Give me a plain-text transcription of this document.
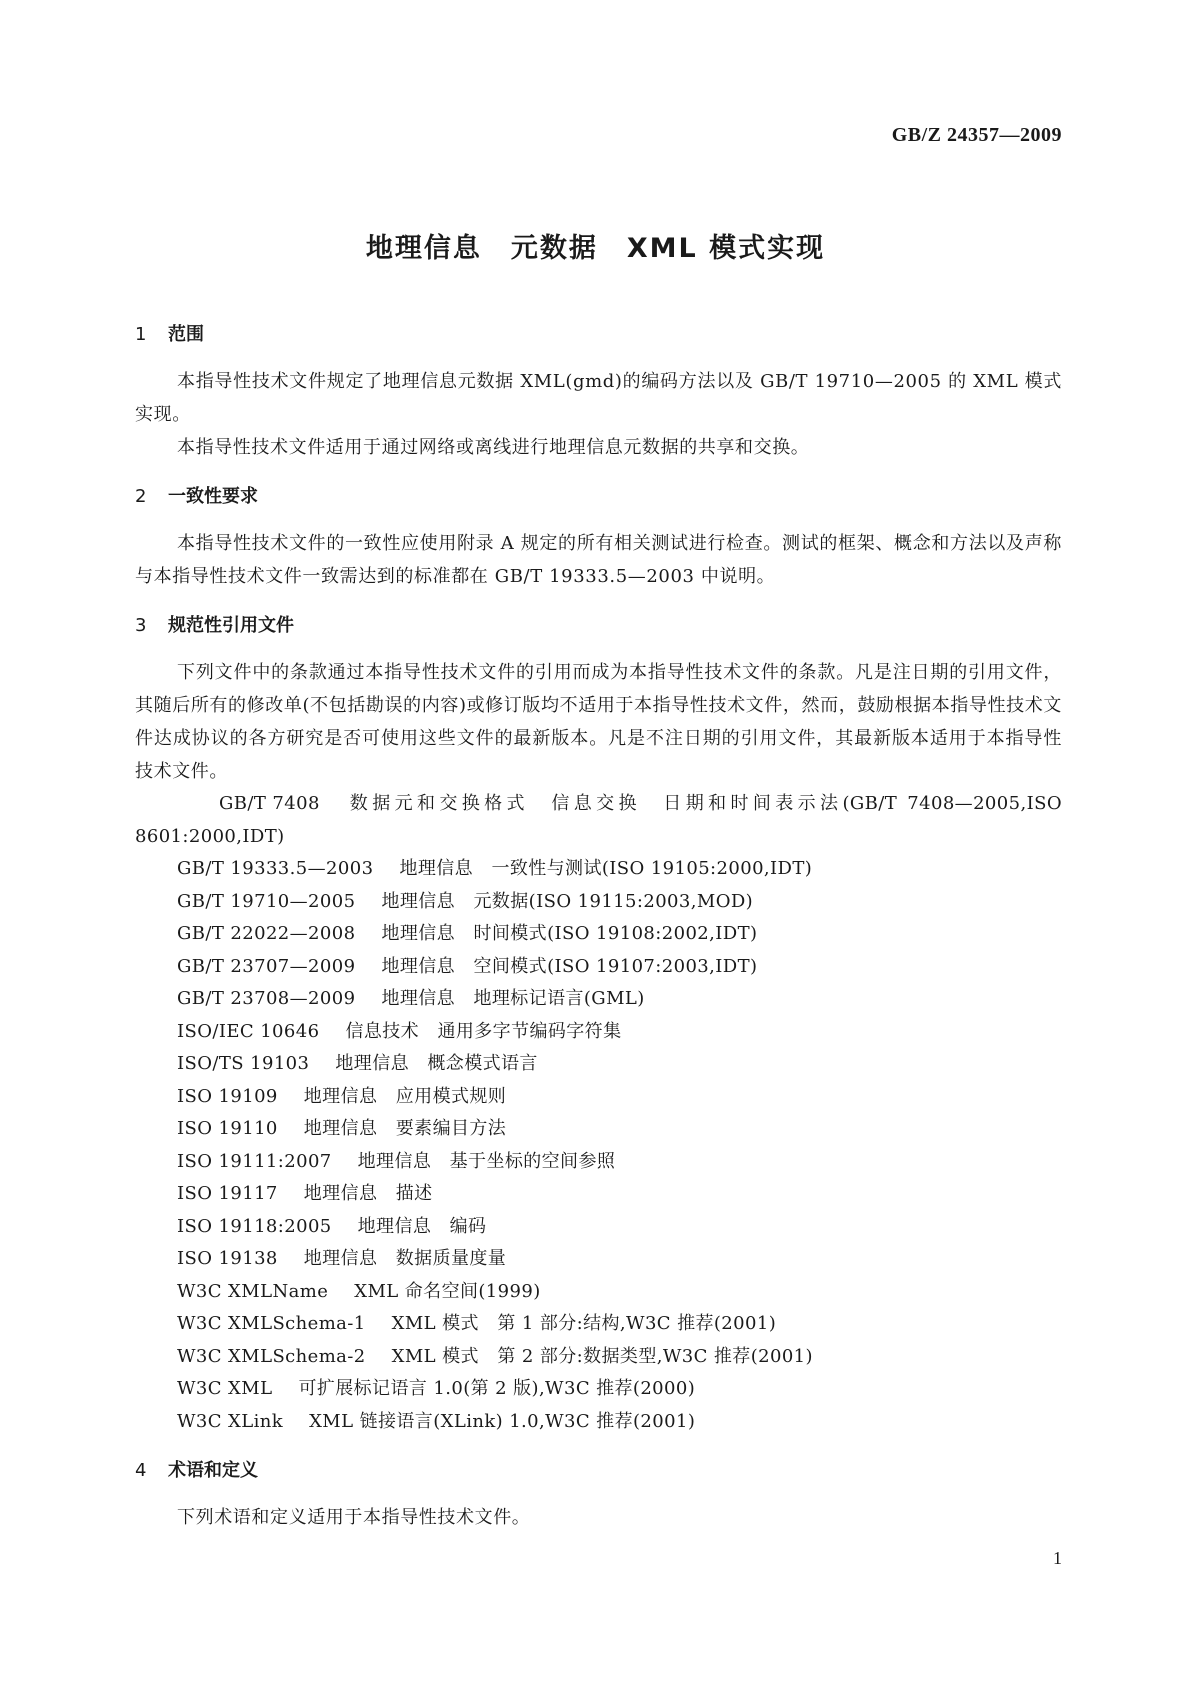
GB/Z 24357—2009
地理信息　元数据　XML 模式实现
1 范围

本指导性技术文件规定了地理信息元数据 XML(gmd)的编码方法以及 GB/T 19710—2005 的 XML 模式实现。

本指导性技术文件适用于通过网络或离线进行地理信息元数据的共享和交换。

2 一致性要求

本指导性技术文件的一致性应使用附录 A 规定的所有相关测试进行检查。测试的框架、概念和方法以及声称与本指导性技术文件一致需达到的标准都在 GB/T 19333.5—2003 中说明。

3 规范性引用文件

下列文件中的条款通过本指导性技术文件的引用而成为本指导性技术文件的条款。凡是注日期的引用文件，其随后所有的修改单(不包括勘误的内容)或修订版均不适用于本指导性技术文件，然而，鼓励根据本指导性技术文件达成协议的各方研究是否可使用这些文件的最新版本。凡是不注日期的引用文件，其最新版本适用于本指导性技术文件。

GB/T 7408 数据元和交换格式　信息交换　日期和时间表示法(GB/T 7408—2005,ISO 8601:2000,IDT)
GB/T 19333.5—2003 地理信息　一致性与测试(ISO 19105:2000,IDT)
GB/T 19710—2005 地理信息　元数据(ISO 19115:2003,MOD)
GB/T 22022—2008 地理信息　时间模式(ISO 19108:2002,IDT)
GB/T 23707—2009 地理信息　空间模式(ISO 19107:2003,IDT)
GB/T 23708—2009 地理信息　地理标记语言(GML)
ISO/IEC 10646 信息技术　通用多字节编码字符集
ISO/TS 19103 地理信息　概念模式语言
ISO 19109 地理信息　应用模式规则
ISO 19110 地理信息　要素编目方法
ISO 19111:2007 地理信息　基于坐标的空间参照
ISO 19117 地理信息　描述
ISO 19118:2005 地理信息　编码
ISO 19138 地理信息　数据质量度量
W3C XMLName XML 命名空间(1999)
W3C XMLSchema-1 XML 模式　第 1 部分:结构,W3C 推荐(2001)
W3C XMLSchema-2 XML 模式　第 2 部分:数据类型,W3C 推荐(2001)
W3C XML 可扩展标记语言 1.0(第 2 版),W3C 推荐(2000)
W3C XLink XML 链接语言(XLink) 1.0,W3C 推荐(2001)
4 术语和定义

下列术语和定义适用于本指导性技术文件。

1
